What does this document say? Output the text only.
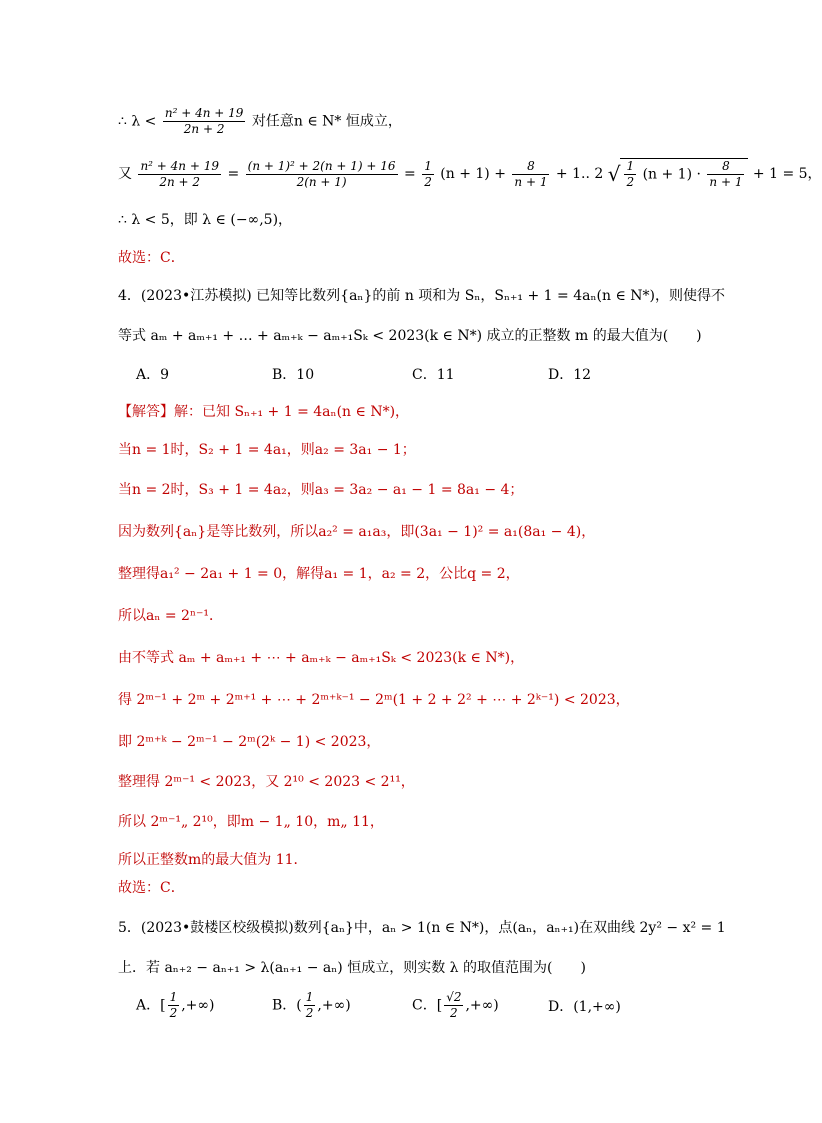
∴ $\lambda < \frac{\text{n² + 4n + 19}}{2n + 2}$ 对任意n ∈ N* 恒成立，
又 $\frac{\text{n² + 4n + 19}}{2n + 2} = \frac{\text{(n + 1)² + 2(n + 1) + 16}}{2(n + 1)} = \frac{1}{2} (n + 1) + \frac{8}{n + 1} + 1$.. 2 √ $\frac{1}{2} (n + 1) \cdot \frac{8}{n + 1} + 1 = 5$，
∴ λ < 5，即 λ ∈ (−∞,5)，
故选：C．
4．(2023•江苏模拟) 已知等比数列{aₙ}的前 n 项和为 Sₙ，Sₙ₊₁ + 1 = 4aₙ(n ∈ N*)，则使得不
等式 aₘ + aₘ₊₁ + … + aₘ₊ₖ − aₘ₊₁Sₖ < 2023(k ∈ N*) 成立的正整数 m 的最大值为(　　)
A．9	B．10	C．11	D．12
【解答】解：已知 Sₙ₊₁ + 1 = 4aₙ(n ∈ N*)，
当n = 1时，S₂ + 1 = 4a₁，则a₂ = 3a₁ − 1；
当n = 2时，S₃ + 1 = 4a₂，则a₃ = 3a₂ − a₁ − 1 = 8a₁ − 4；
因为数列{aₙ}是等比数列，所以a₂² = a₁a₃，即(3a₁ − 1)² = a₁(8a₁ − 4)，
整理得a₁² − 2a₁ + 1 = 0，解得a₁ = 1，a₂ = 2，公比q = 2，
所以aₙ = 2ⁿ⁻¹．
由不等式 aₘ + aₘ₊₁ + ⋯ + aₘ₊ₖ − aₘ₊₁Sₖ < 2023(k ∈ N*)，
得 2ᵐ⁻¹ + 2ᵐ + 2ᵐ⁺¹ + ⋯ + 2ᵐ⁺ᵏ⁻¹ − 2ᵐ(1 + 2 + 2² + ⋯ + 2ᵏ⁻¹) < 2023，
即 2ᵐ⁺ᵏ − 2ᵐ⁻¹ − 2ᵐ(2ᵏ − 1) < 2023，
整理得 2ᵐ⁻¹ < 2023，又 2¹⁰ < 2023 < 2¹¹，
所以 2ᵐ⁻¹„ 2¹⁰，即m − 1„ 10，m„ 11，
所以正整数m的最大值为 11．
故选：C．
5．(2023•鼓楼区校级模拟)数列{aₙ}中，aₙ > 1(n ∈ N*)，点(aₙ，aₙ₊₁)在双曲线 2y² − x² = 1
上．若 aₙ₊₂ − aₙ₊₁ > λ(aₙ₊₁ − aₙ) 恒成立，则实数 λ 的取值范围为(　　)
A．[ $\frac{1}{2}$ ,+∞)	B．( $\frac{1}{2}$ ,+∞)	C．[ $\frac{√2}{2}$ ,+∞)	D．(1,+∞)
